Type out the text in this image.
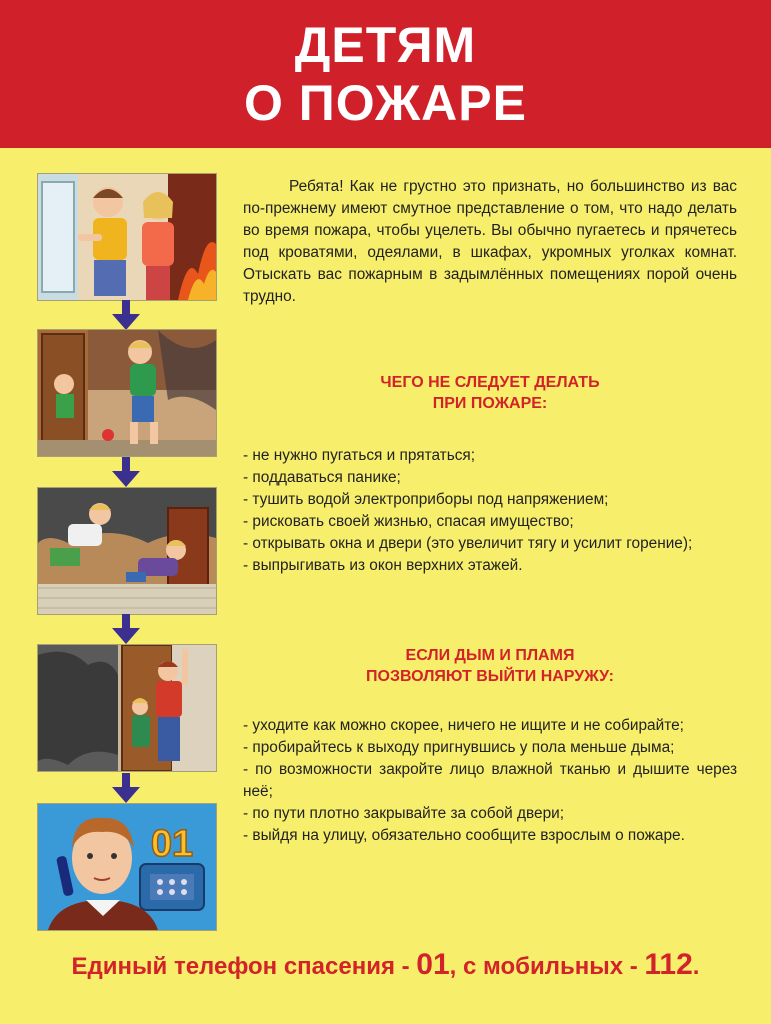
ДЕТЯМ
О ПОЖАРЕ
01
Ребята! Как не грустно это признать, но большинство из вас по-прежнему имеют смутное представление о том, что надо делать во время пожара, чтобы уцелеть. Вы обычно пугаетесь и прячетесь под кроватями, одеялами, в шкафах, укромных уголках комнат. Отыскать вас пожарным в задымлённых помещениях порой очень трудно.
ЧЕГО НЕ СЛЕДУЕТ ДЕЛАТЬ
ПРИ ПОЖАРЕ:
- не нужно пугаться и прятаться;
- поддаваться панике;
- тушить водой электроприборы под напряжением;
- рисковать своей жизнью, спасая имущество;
- открывать окна и двери (это увеличит тягу и усилит горение);
- выпрыгивать из окон верхних этажей.
ЕСЛИ ДЫМ И ПЛАМЯ
ПОЗВОЛЯЮТ ВЫЙТИ НАРУЖУ:
- уходите как можно скорее, ничего не ищите и не собирайте;
- пробирайтесь к выходу пригнувшись у пола меньше дыма;
- по возможности закройте лицо влажной тканью и дышите через неё;
- по пути плотно закрывайте за собой двери;
- выйдя на улицу, обязательно сообщите взрослым о пожаре.
Единый телефон спасения - 01, с мобильных - 112.
